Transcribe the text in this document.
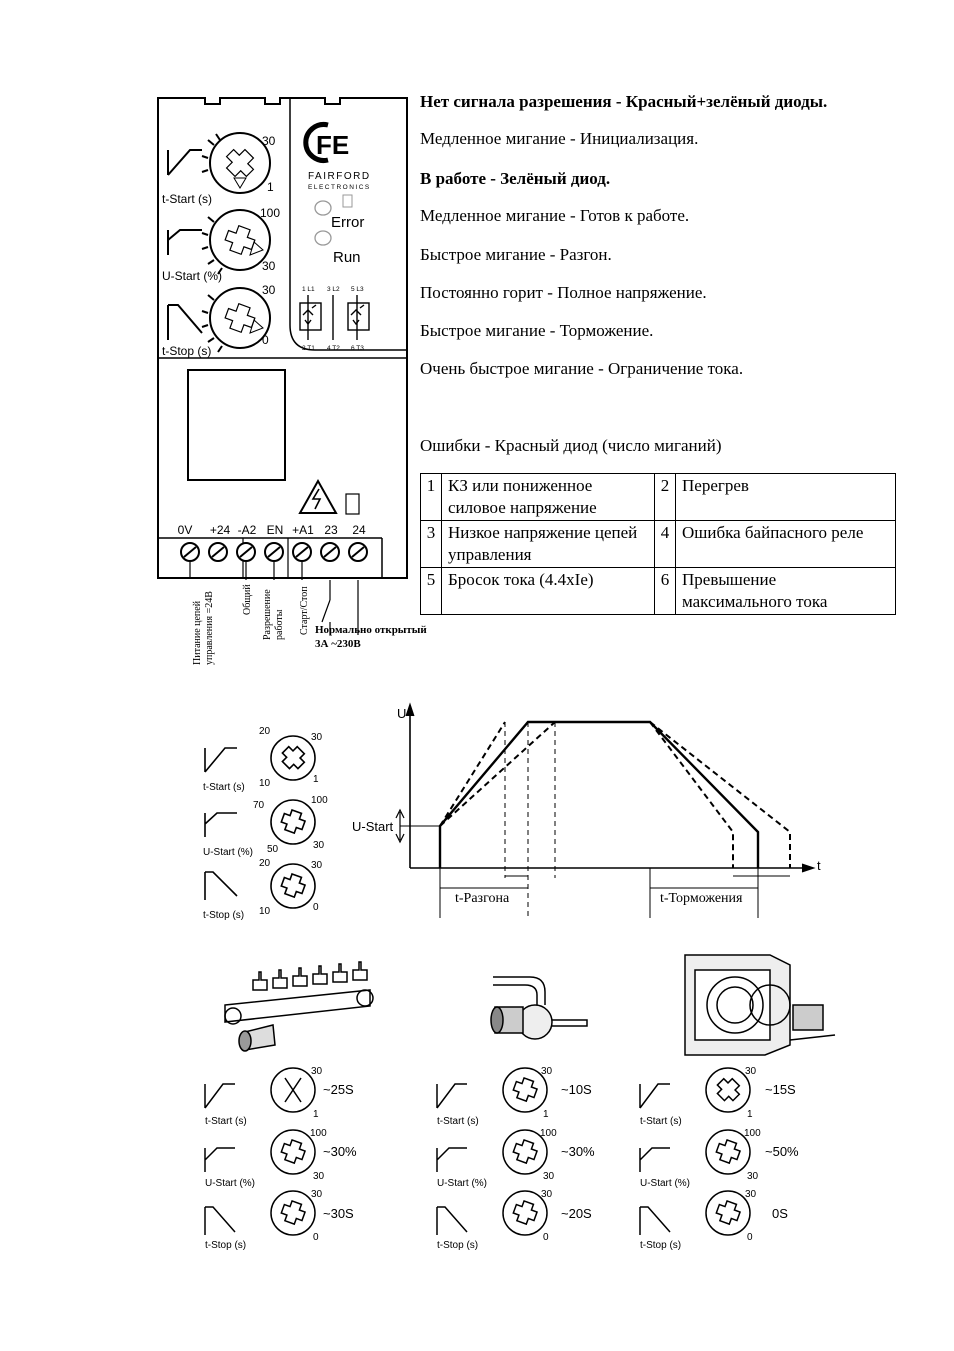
30
1
t-Start (s)
100
30
U-Start (%)
30
0
t-Stop (s)
FE
FAIRFORD
ELECTRONICS
Error
Run
1 L1 3 L2 5 L3
2 T1 4 T2 6 T3
0V +24 -A2 EN +A1 23 24
Питание цепей управления =24В	Общий Разрешение работы Старт/Стоп Нормально открытый
3А ~230В
Нет сигнала разрешения - Красный+зелёный диоды.
Медленное мигание - Инициализация.
В работе - Зелёный диод.
Медленное мигание - Готов к работе.
Быстрое мигание - Разгон.
Постоянно горит - Полное напряжение.
Быстрое мигание - Торможение.
Очень быстрое мигание - Ограничение тока.
Ошибки - Красный диод (число миганий)
1	КЗ или пониженное силовое напряжение	2	Перегрев
3	Низкое напряжение цепей управления	4	Ошибка байпасного реле
5	Бросок тока (4.4xIe)	6	Превышение максимального тока
t-Start (s)
20
30
10	1
U-Start (%)
70	100
50	30
t-Stop (s)
20	30
10	0
U
t
U-Start
t-Разгона	t-Торможения
t-Start (s)
30
1
U-Start (%)
100
30
t-Stop (s)
30
0
~25S
~30%
~30S
t-Start (s)
30
1
U-Start (%)
100
30
t-Stop (s)
30
0
~10S
~30%
~20S
t-Start (s)
30
1
U-Start (%)
100
30
t-Stop (s)
30
0
~15S
~50%
0S
